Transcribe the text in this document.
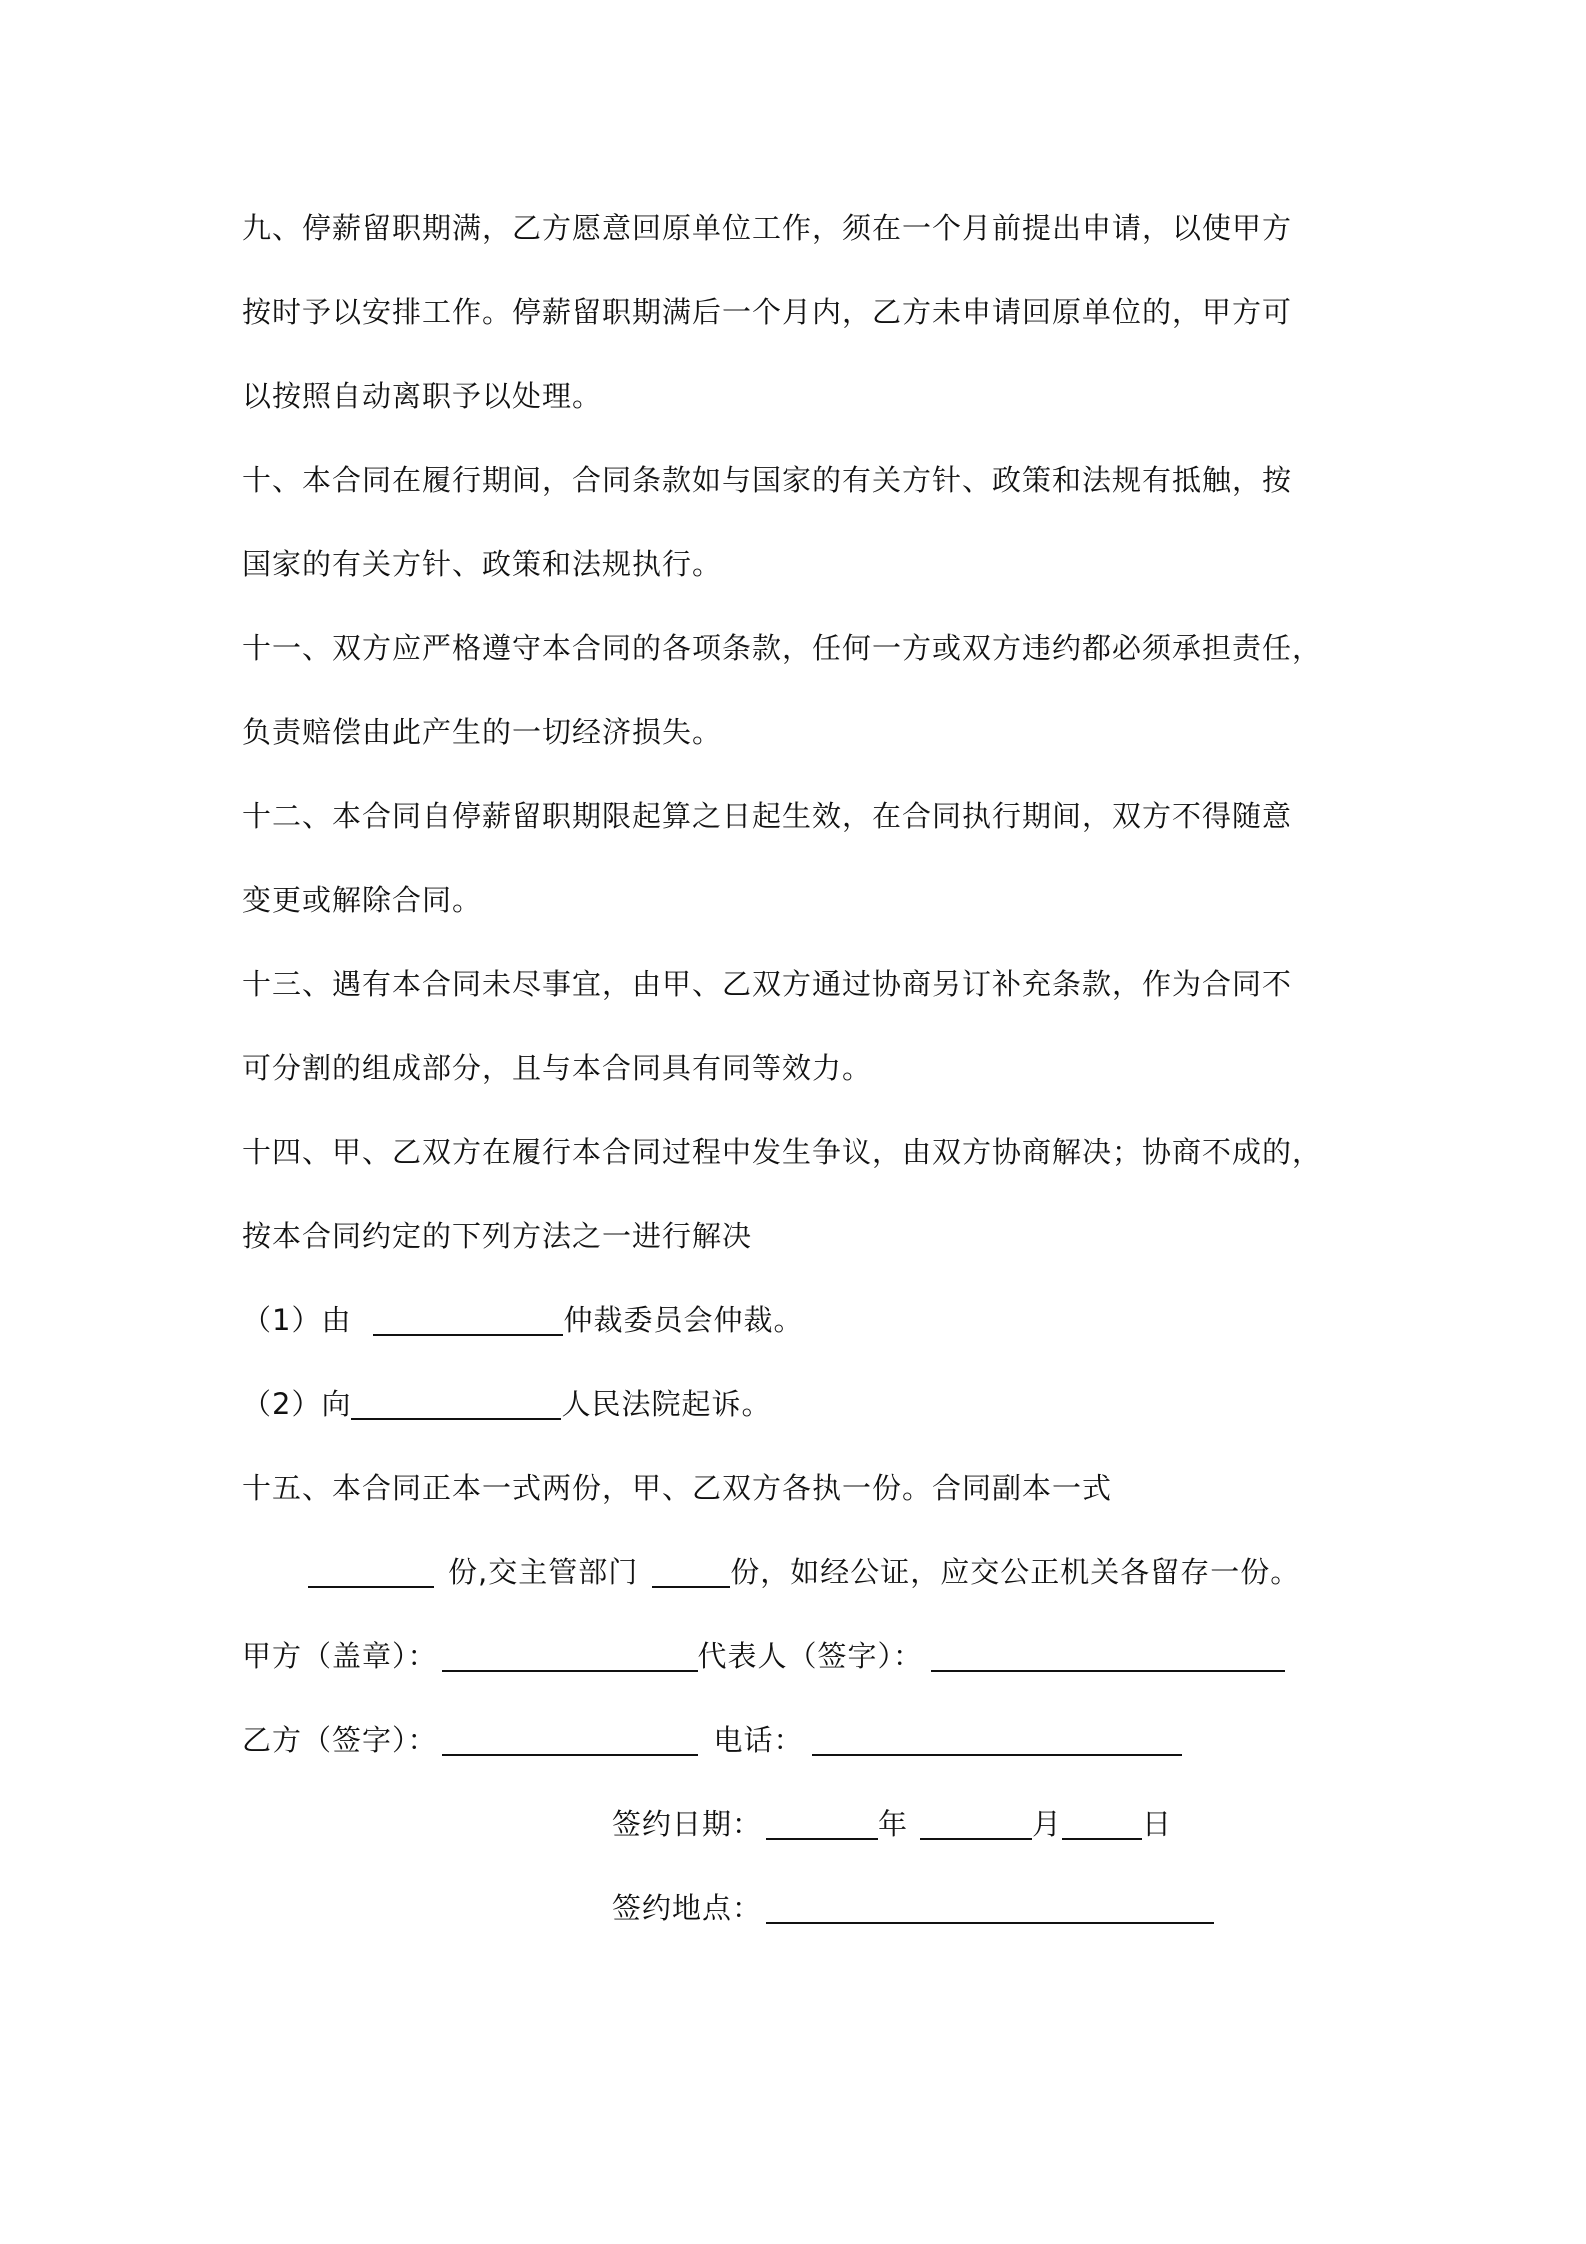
九、停薪留职期满，乙方愿意回原单位工作，须在一个月前提出申请，以使甲方
按时予以安排工作。停薪留职期满后一个月内，乙方未申请回原单位的，甲方可
以按照自动离职予以处理。
十、本合同在履行期间，合同条款如与国家的有关方针、政策和法规有抵触，按
国家的有关方针、政策和法规执行。
十一、双方应严格遵守本合同的各项条款，任何一方或双方违约都必须承担责任，
负责赔偿由此产生的一切经济损失。
十二、本合同自停薪留职期限起算之日起生效，在合同执行期间，双方不得随意
变更或解除合同。
十三、遇有本合同未尽事宜，由甲、乙双方通过协商另订补充条款，作为合同不
可分割的组成部分，且与本合同具有同等效力。
十四、甲、乙双方在履行本合同过程中发生争议，由双方协商解决；协商不成的，
按本合同约定的下列方法之一进行解决
（1）由	仲裁委员会仲裁。
（2）向	人民法院起诉。
十五、本合同正本一式两份，甲、乙双方各执一份。合同副本一式
份,交主管部门	份，如经公证，应交公正机关各留存一份。
甲方（盖章）：	代表人（签字）：
乙方（签字）：	电话：
签约日期：	年	月	日
签约地点：
